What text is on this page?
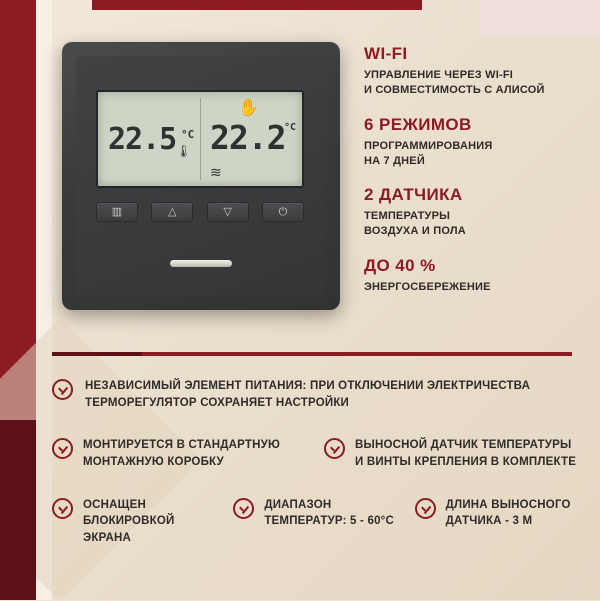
✋
22.5 🌡
°C 22.2
°C
≋
▥	△	▽	⏻
WI-FI
УПРАВЛЕНИЕ ЧЕРЕЗ WI-FI
И СОВМЕСТИМОСТЬ С АЛИСОЙ
6 РЕЖИМОВ
ПРОГРАММИРОВАНИЯ
НА 7 ДНЕЙ
2 ДАТЧИКА
ТЕМПЕРАТУРЫ
ВОЗДУХА И ПОЛА
ДО 40 %
ЭНЕРГОСБЕРЕЖЕНИЕ
НЕЗАВИСИМЫЙ ЭЛЕМЕНТ ПИТАНИЯ: ПРИ ОТКЛЮЧЕНИИ ЭЛЕКТРИЧЕСТВА ТЕРМОРЕГУЛЯТОР СОХРАНЯЕТ НАСТРОЙКИ
МОНТИРУЕТСЯ В СТАНДАРТНУЮ МОНТАЖНУЮ КОРОБКУ
ВЫНОСНОЙ ДАТЧИК ТЕМПЕРАТУРЫ И ВИНТЫ КРЕПЛЕНИЯ В КОМПЛЕКТЕ
ОСНАЩЕН БЛОКИРОВКОЙ ЭКРАНА
ДИАПАЗОН ТЕМПЕРАТУР: 5 - 60°C
ДЛИНА ВЫНОСНОГО ДАТЧИКА - 3 М
